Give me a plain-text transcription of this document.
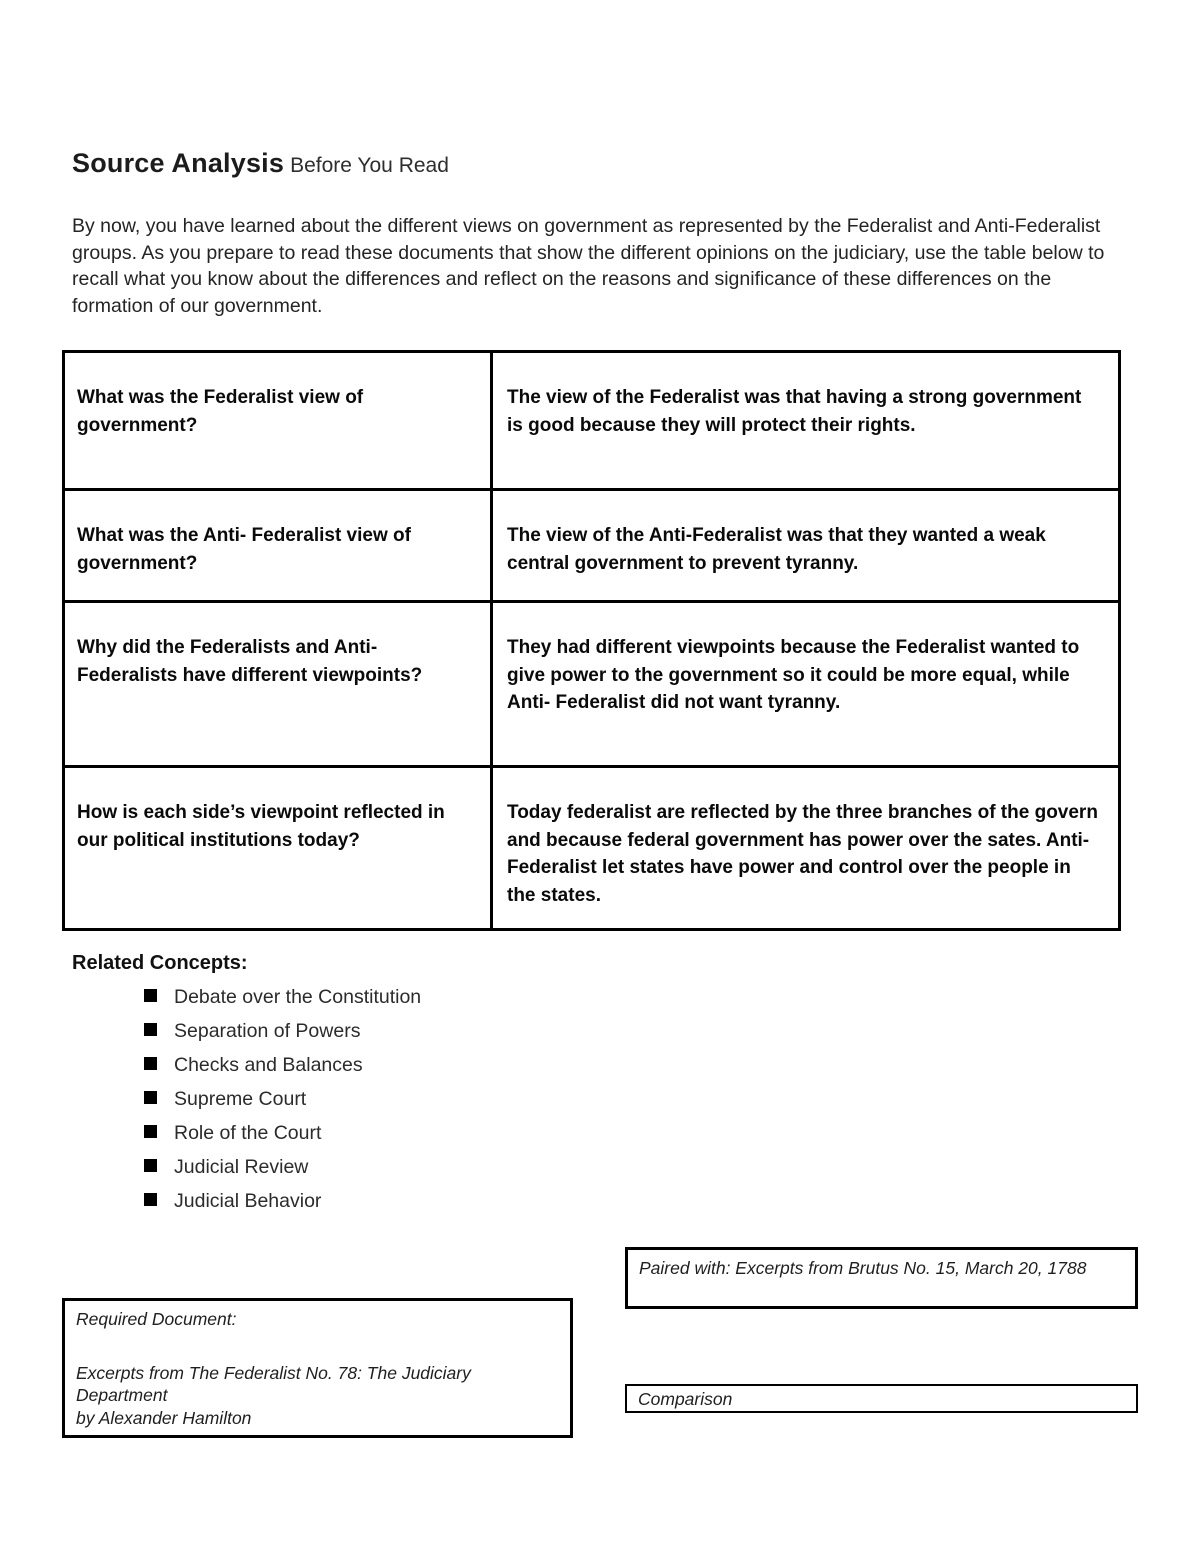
Source Analysis Before You Read

By now, you have learned about the different views on government as represented by the Federalist and Anti-Federalist groups. As you prepare to read these documents that show the different opinions on the judiciary, use the table below to recall what you know about the differences and reflect on the reasons and significance of these differences on the formation of our government.

What was the Federalist view of government?	The view of the Federalist was that having a strong government is good because they will protect their rights.
What was the Anti- Federalist view of government?	The view of the Anti-Federalist was that they wanted a weak central government to prevent tyranny.
Why did the Federalists and Anti-Federalists have different viewpoints?	They had different viewpoints because the Federalist wanted to give power to the government so it could be more equal, while Anti- Federalist did not want tyranny.
How is each side’s viewpoint reflected in our political institutions today?	Today federalist are reflected by the three branches of the govern and because federal government has power over the sates. Anti- Federalist let states have power and control over the people in the states.
Related Concepts:
Debate over the Constitution
Separation of Powers
Checks and Balances
Supreme Court
Role of the Court
Judicial Review
Judicial Behavior
Paired with: Excerpts from Brutus No. 15, March 20, 1788
Required Document:
Excerpts from The Federalist No. 78: The Judiciary Department
by Alexander Hamilton
Comparison
